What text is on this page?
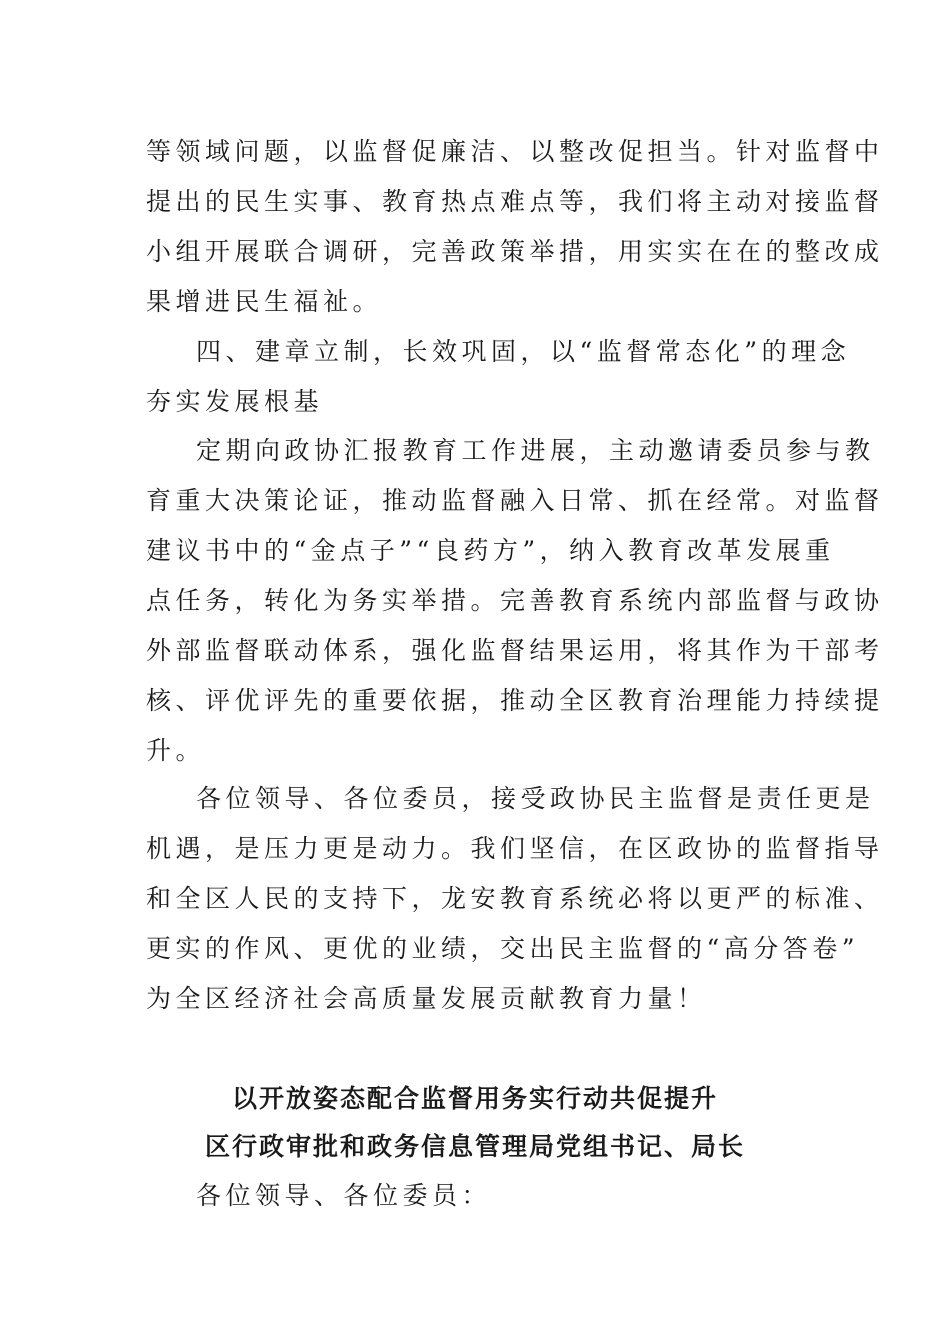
等领域问题，以监督促廉洁、以整改促担当。针对监督中
提出的民生实事、教育热点难点等，我们将主动对接监督
小组开展联合调研，完善政策举措，用实实在在的整改成
果增进民生福祉。
四、建章立制，长效巩固，以“监督常态化”的理念
夯实发展根基
定期向政协汇报教育工作进展，主动邀请委员参与教
育重大决策论证，推动监督融入日常、抓在经常。对监督
建议书中的“金点子”“良药方”，纳入教育改革发展重
点任务，转化为务实举措。完善教育系统内部监督与政协
外部监督联动体系，强化监督结果运用，将其作为干部考
核、评优评先的重要依据，推动全区教育治理能力持续提
升。
各位领导、各位委员，接受政协民主监督是责任更是
机遇，是压力更是动力。我们坚信，在区政协的监督指导
和全区人民的支持下，龙安教育系统必将以更严的标准、
更实的作风、更优的业绩，交出民主监督的“高分答卷”
为全区经济社会高质量发展贡献教育力量！
以开放姿态配合监督用务实行动共促提升
区行政审批和政务信息管理局党组书记、局长
各位领导、各位委员：
